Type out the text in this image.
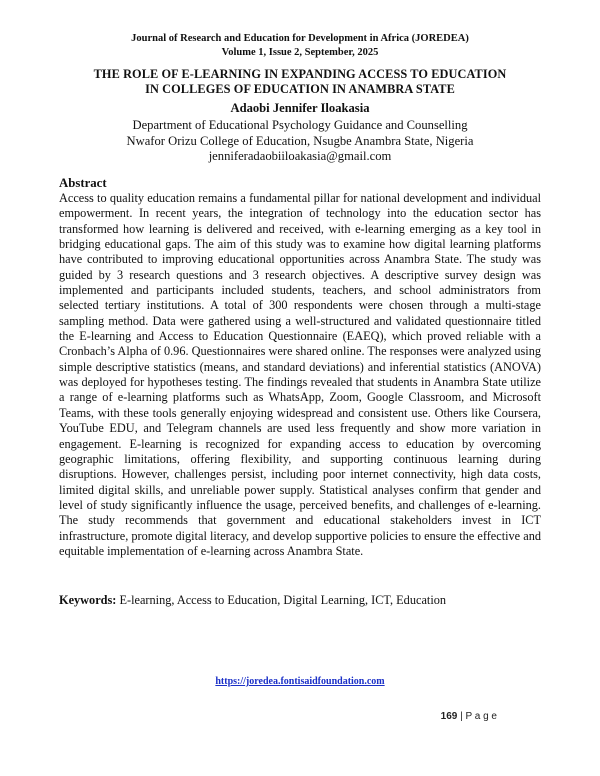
Journal of Research and Education for Development in Africa (JOREDEA)
Volume 1, Issue 2, September, 2025
THE ROLE OF E-LEARNING IN EXPANDING ACCESS TO EDUCATION
IN COLLEGES OF EDUCATION IN ANAMBRA STATE
Adaobi Jennifer Iloakasia
Department of Educational Psychology Guidance and Counselling
Nwafor Orizu College of Education, Nsugbe Anambra State, Nigeria
jenniferadaobiiloakasia@gmail.com
Abstract
Access to quality education remains a fundamental pillar for national development and individual empowerment. In recent years, the integration of technology into the education sector has transformed how learning is delivered and received, with e-learning emerging as a key tool in bridging educational gaps. The aim of this study was to examine how digital learning platforms have contributed to improving educational opportunities across Anambra State. The study was guided by 3 research questions and 3 research objectives. A descriptive survey design was implemented and participants included students, teachers, and school administrators from selected tertiary institutions. A total of 300 respondents were chosen through a multi-stage sampling method. Data were gathered using a well-structured and validated questionnaire titled the E-learning and Access to Education Questionnaire (EAEQ), which proved reliable with a Cronbach’s Alpha of 0.96. Questionnaires were shared online. The responses were analyzed using simple descriptive statistics (means, and standard deviations) and inferential statistics (ANOVA) was deployed for hypotheses testing. The findings revealed that students in Anambra State utilize a range of e-learning platforms such as WhatsApp, Zoom, Google Classroom, and Microsoft Teams, with these tools generally enjoying widespread and consistent use. Others like Coursera, YouTube EDU, and Telegram channels are used less frequently and show more variation in engagement. E-learning is recognized for expanding access to education by overcoming geographic limitations, offering flexibility, and supporting continuous learning during disruptions. However, challenges persist, including poor internet connectivity, high data costs, limited digital skills, and unreliable power supply. Statistical analyses confirm that gender and level of study significantly influence the usage, perceived benefits, and challenges of e-learning. The study recommends that government and educational stakeholders invest in ICT infrastructure, promote digital literacy, and develop supportive policies to ensure the effective and equitable implementation of e-learning across Anambra State.
Keywords: E-learning, Access to Education, Digital Learning, ICT, Education
https://joredea.fontisaidfoundation.com
169 | P a g e
